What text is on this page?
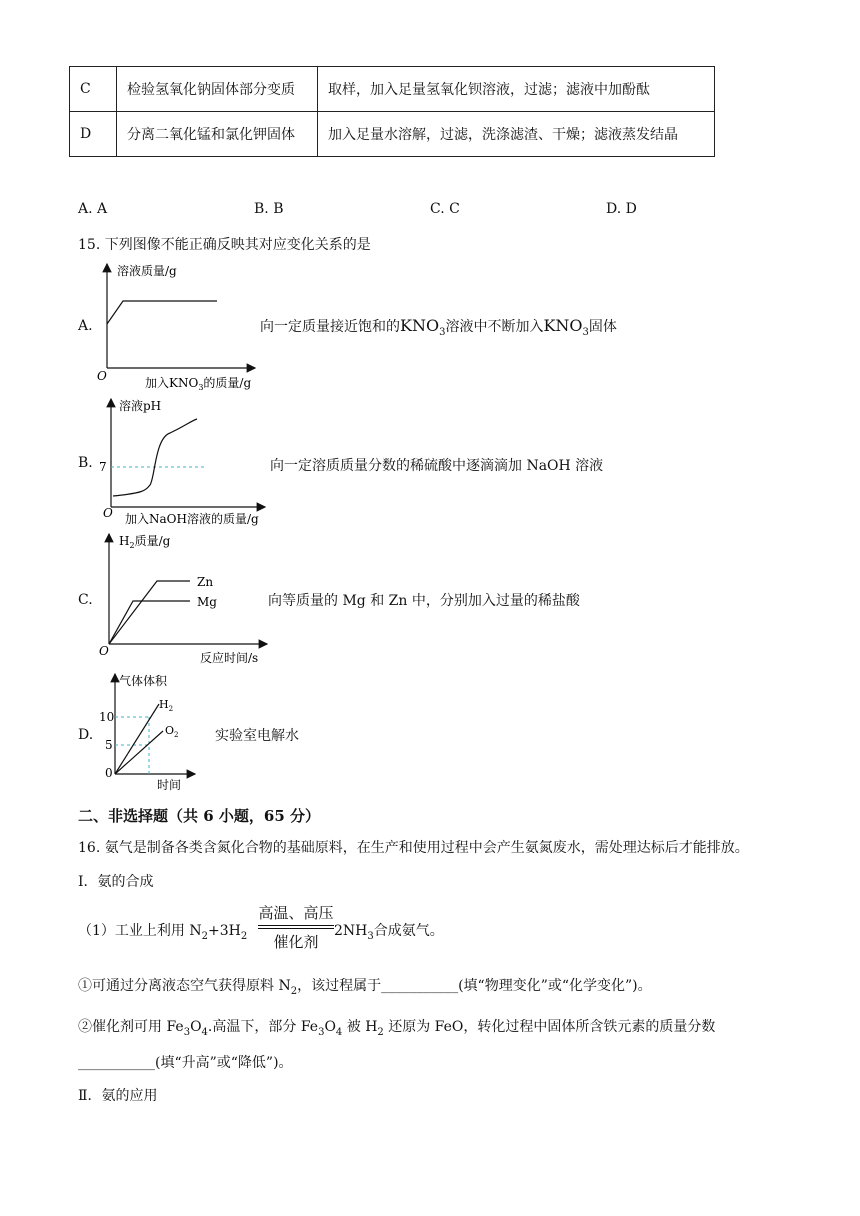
C	检验氢氧化钠固体部分变质	取样，加入足量氢氧化钡溶液，过滤；滤液中加酚酞
D	分离二氧化锰和氯化钾固体	加入足量水溶解，过滤，洗涤滤渣、干燥；滤液蒸发结晶
A. A	B. B	C. C	D. D
15. 下列图像不能正确反映其对应变化关系的是
A.
溶液质量/g
O	加入$KNO_3$的质量/g
向一定质量接近饱和的$KNO_3$溶液中不断加入$KNO_3$固体
B.
溶液pH
7
O 加入NaOH溶液的质量/g
向一定溶质质量分数的稀硫酸中逐滴滴加 NaOH 溶液
C.
$H_2$质量/g
Zn
Mg
O	反应时间/s
向等质量的 Mg 和 Zn 中，分别加入过量的稀盐酸
D.
气体体积
10
5
0
$H_2$
$O_2$
时间
实验室电解水
二、非选择题（共 6 小题，65 分）
16. 氨气是制备各类含氮化合物的基础原料，在生产和使用过程中会产生氨氮废水，需处理达标后才能排放。
I．氨的合成
（1）工业上利用 $N_2+3H_2$
高温、高压
催化剂
$2NH_3$合成氨气。
①可通过分离液态空气获得原料 $N_2$，该过程属于___________(填“物理变化”或“化学变化”)。
②催化剂可用 $Fe_3O_4$.高温下，部分 $Fe_3O_4$ 被 $H_2$ 还原为 FeO，转化过程中固体所含铁元素的质量分数
___________(填“升高”或“降低”)。
Ⅱ．氨的应用
